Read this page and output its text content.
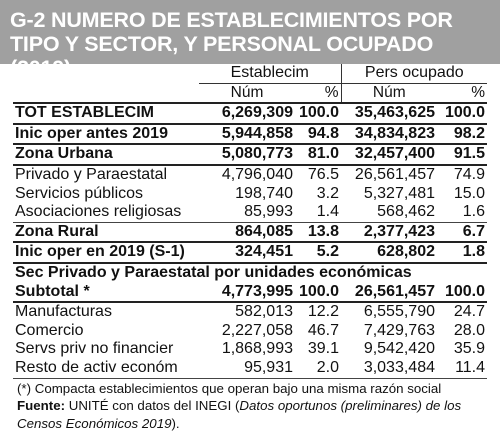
G-2 NUMERO DE ESTABLECIMIENTOS POR TIPO Y SECTOR, Y PERSONAL OCUPADO (2019)
		Establecim		Pers ocupado	
	Núm	%	Núm	%
TOT ESTABLECIM	6,269,309	100.0	35,463,625	100.0
Inic oper antes 2019	5,944,858	94.8	34,834,823	98.2
Zona Urbana	5,080,773	81.0	32,457,400	91.5
Privado y Paraestatal	4,796,040	76.5	26,561,457	74.9
Servicios públicos	198,740	3.2	5,327,481	15.0
Asociaciones religiosas	85,993	1.4	568,462	1.6
Zona Rural	864,085	13.8	2,377,423	6.7
Inic oper en 2019 (S-1)	324,451	5.2	628,802	1.8
Sec Privado y Paraestatal por unidades económicas				
Subtotal *	4,773,995	100.0	26,561,457	100.0
Manufacturas	582,013	12.2	6,555,790	24.7
Comercio	2,227,058	46.7	7,429,763	28.0
Servs priv no financier	1,868,993	39.1	9,542,420	35.9
Resto de activ económ	95,931	2.0	3,033,484	11.4
(*) Compacta establecimientos que operan bajo una misma razón social
Fuente: UNITÉ con datos del INEGI (Datos oportunos (preliminares) de los Censos Económicos 2019).
